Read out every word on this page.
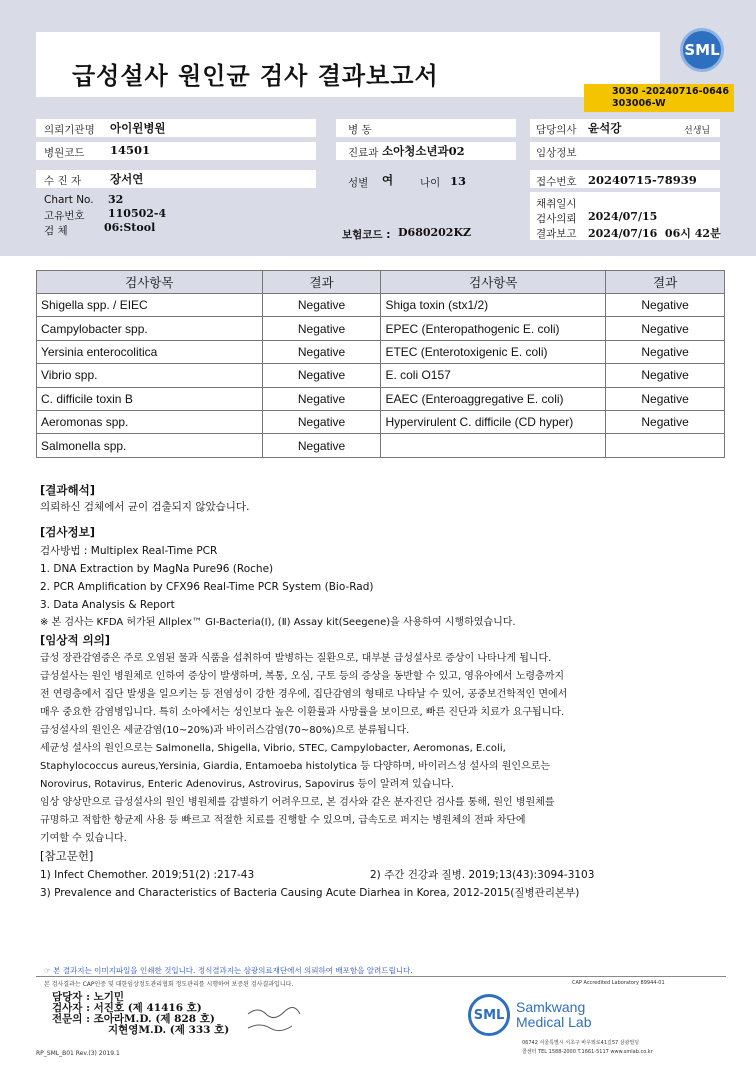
급성설사 원인균 검사 결과보고서
SML
3030 -20240716-0646
303006-W
의뢰기관명 아이윈병원	병 동	담당의사 윤석강	선생님
병원코드 14501	진료과 소아청소년과02	임상정보
수 진 자	장서연	성별 여	나이 13	접수번호 20240715-78939
Chart No. 32
고유번호 110502-4
검 체	06:Stool
보험코드 : D680202KZ
채취일시
검사의뢰 2024/07/15
결과보고 2024/07/16  06시 42분
검사항목	결과	검사항목	결과
Shigella spp. / EIEC	Negative	Shiga toxin (stx1/2)	Negative
Campylobacter spp.	Negative	EPEC (Enteropathogenic E. coli)	Negative
Yersinia enterocolitica	Negative	ETEC (Enterotoxigenic E. coli)	Negative
Vibrio spp.	Negative	E. coli O157	Negative
C. difficile toxin B	Negative	EAEC (Enteroaggregative E. coli)	Negative
Aeromonas spp.	Negative	Hypervirulent C. difficile (CD hyper)	Negative
Salmonella spp.	Negative		
[결과해석]
의뢰하신 검체에서 균이 검출되지 않았습니다.
[검사정보]
검사방법 : Multiplex Real-Time PCR
1. DNA Extraction by MagNa Pure96 (Roche)
2. PCR Amplification by CFX96 Real-Time PCR System (Bio-Rad)
3. Data Analysis & Report
※ 본 검사는 KFDA 허가된 Allplex™ GI-Bacteria(Ⅰ), (Ⅱ) Assay kit(Seegene)을 사용하여 시행하였습니다.
[임상적 의의]
급성 장관감염증은 주로 오염된 물과 식품을 섭취하여 발병하는 질환으로, 대부분 급성설사로 증상이 나타나게 됩니다.
급성설사는 원인 병원체로 인하여 증상이 발생하며, 복통, 오심, 구토 등의 증상을 동반할 수 있고, 영유아에서 노령층까지
전 연령층에서 집단 발생을 일으키는 등 전염성이 강한 경우에, 집단감염의 형태로 나타날 수 있어, 공중보건학적인 면에서
매우 중요한 감염병입니다. 특히 소아에서는 성인보다 높은 이환률과 사망률을 보이므로, 빠른 진단과 치료가 요구됩니다.
급성설사의 원인은 세균감염(10~20%)과 바이러스감염(70~80%)으로 분류됩니다.
세균성 설사의 원인으로는 Salmonella, Shigella, Vibrio, STEC, Campylobacter, Aeromonas, E.coli,
Staphylococcus aureus,Yersinia, Giardia, Entamoeba histolytica 등 다양하며, 바이러스성 설사의 원인으로는
Norovirus, Rotavirus, Enteric Adenovirus, Astrovirus, Sapovirus 등이 알려져 있습니다.
임상 양상만으로 급성설사의 원인 병원체를 감별하기 어려우므로, 본 검사와 같은 분자진단 검사를 통해, 원인 병원체를
규명하고 적합한 항균제 사용 등 빠르고 적절한 치료를 진행할 수 있으며, 급속도로 퍼지는 병원체의 전파 차단에
기여할 수 있습니다.
[참고문헌]
1) Infect Chemother. 2019;51(2) :217-43	2) 주간 건강과 질병. 2019;13(43):3094-3103
3) Prevalence and Characteristics of Bacteria Causing Acute Diarhea in Korea, 2012-2015(질병관리본부)
☞ 본 결과지는 이미지파일을 인쇄한 것입니다. 정식결과지는 삼광의료재단에서 의뢰하여 배포함을 알려드립니다.
본 검사결과는 CAP인증 및 대한임상정도관리협회 정도관리를 시행하여 보증된 검사결과입니다.	CAP Accredited Laboratory 89944-01
담당자 : 노기민
검사자 : 서진호 (제 41416 호)
전문의 : 조아라M.D. (제 828 호)
지현영M.D. (제 333 호)
SML Samkwang
Medical Lab
06742 서울특별시 서초구 바우뫼로41길57 삼광빌딩
콜센터 TEL 1588-2000 T.1661-5117 www.smlab.co.kr
RP_SML_B01 Rev.(3) 2019.1
